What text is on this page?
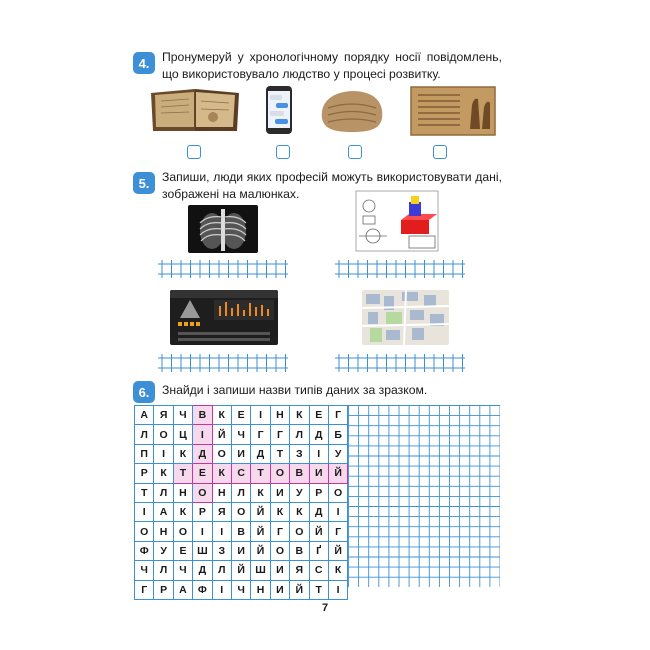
4.	Пронумеруй у хронологічному порядку носії повідомлень, що використовувало людство у процесі розвитку.
5.	Запиши, люди яких професій можуть використовувати дані, зображені на малюнках.
6.	Знайди і запиши назви типів даних за зразком.
А	Я	Ч	В	К	Е	І	Н	К	Е	Г
Л	О	Ц	І	Й	Ч	Г	Г	Л	Д	Б
П	І	К	Д	О	И	Д	Т	З	І	У
Р	К	Т	Е	К	С	Т	О	В	И	Й
Т	Л	Н	О	Н	Л	К	И	У	Р	О
І	А	К	Р	Я	О	Й	К	К	Д	І
О	Н	О	І	І	В	Й	Г	О	Й	Г
Ф	У	Е	Ш	З	И	Й	О	В	Ґ	Й
Ч	Л	Ч	Д	Л	Й	Ш	И	Я	С	К
Г	Р	А	Ф	І	Ч	Н	И	Й	Т	І
7
